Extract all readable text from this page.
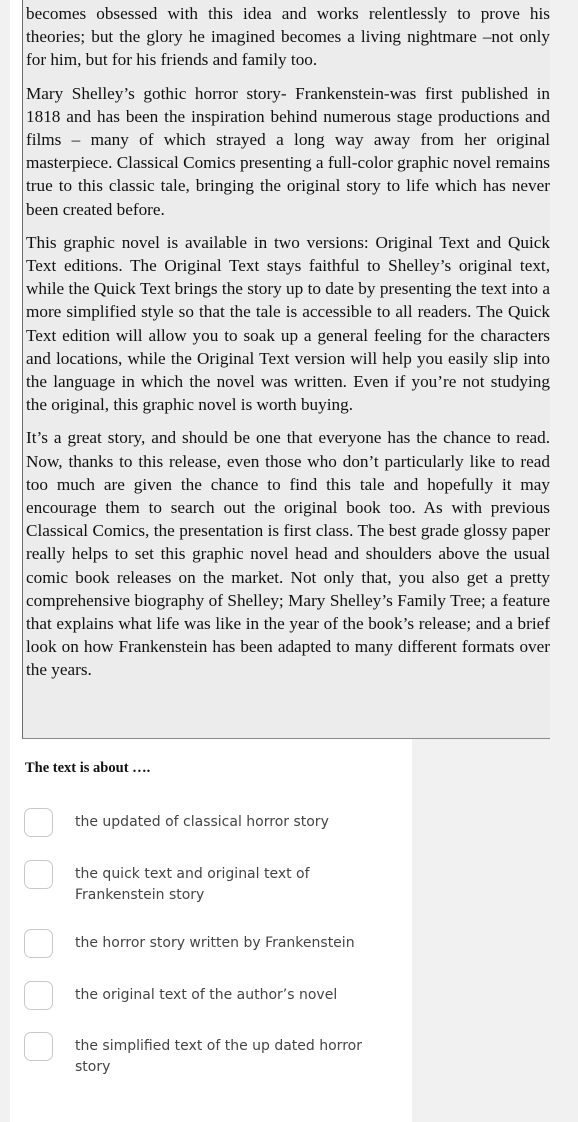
becomes obsessed with this idea and works relentlessly to prove his theories; but the glory he imagined becomes a living nightmare –not only for him, but for his friends and family too.

Mary Shelley’s gothic horror story- Frankenstein-was first published in 1818 and has been the inspiration behind numerous stage productions and films – many of which strayed a long way away from her original masterpiece. Classical Comics presenting a full-color graphic novel remains true to this classic tale, bringing the original story to life which has never been created before.

This graphic novel is available in two versions: Original Text and Quick Text editions. The Original Text stays faithful to Shelley’s original text, while the Quick Text brings the story up to date by presenting the text into a more simplified style so that the tale is accessible to all readers. The Quick Text edition will allow you to soak up a general feeling for the characters and locations, while the Original Text version will help you easily slip into the language in which the novel was written. Even if you’re not studying the original, this graphic novel is worth buying.

It’s a great story, and should be one that everyone has the chance to read. Now, thanks to this release, even those who don’t particularly like to read too much are given the chance to find this tale and hopefully it may encourage them to search out the original book too. As with previous Classical Comics, the presentation is first class. The best grade glossy paper really helps to set this graphic novel head and shoulders above the usual comic book releases on the market. Not only that, you also get a pretty comprehensive biography of Shelley; Mary Shelley’s Family Tree; a feature that explains what life was like in the year of the book’s release; and a brief look on how Frankenstein has been adapted to many different formats over the years.

The text is about ….
the updated of classical horror story
the quick text and original text of Frankenstein story
the horror story written by Frankenstein
the original text of the author’s novel
the simplified text of the up dated horror story
